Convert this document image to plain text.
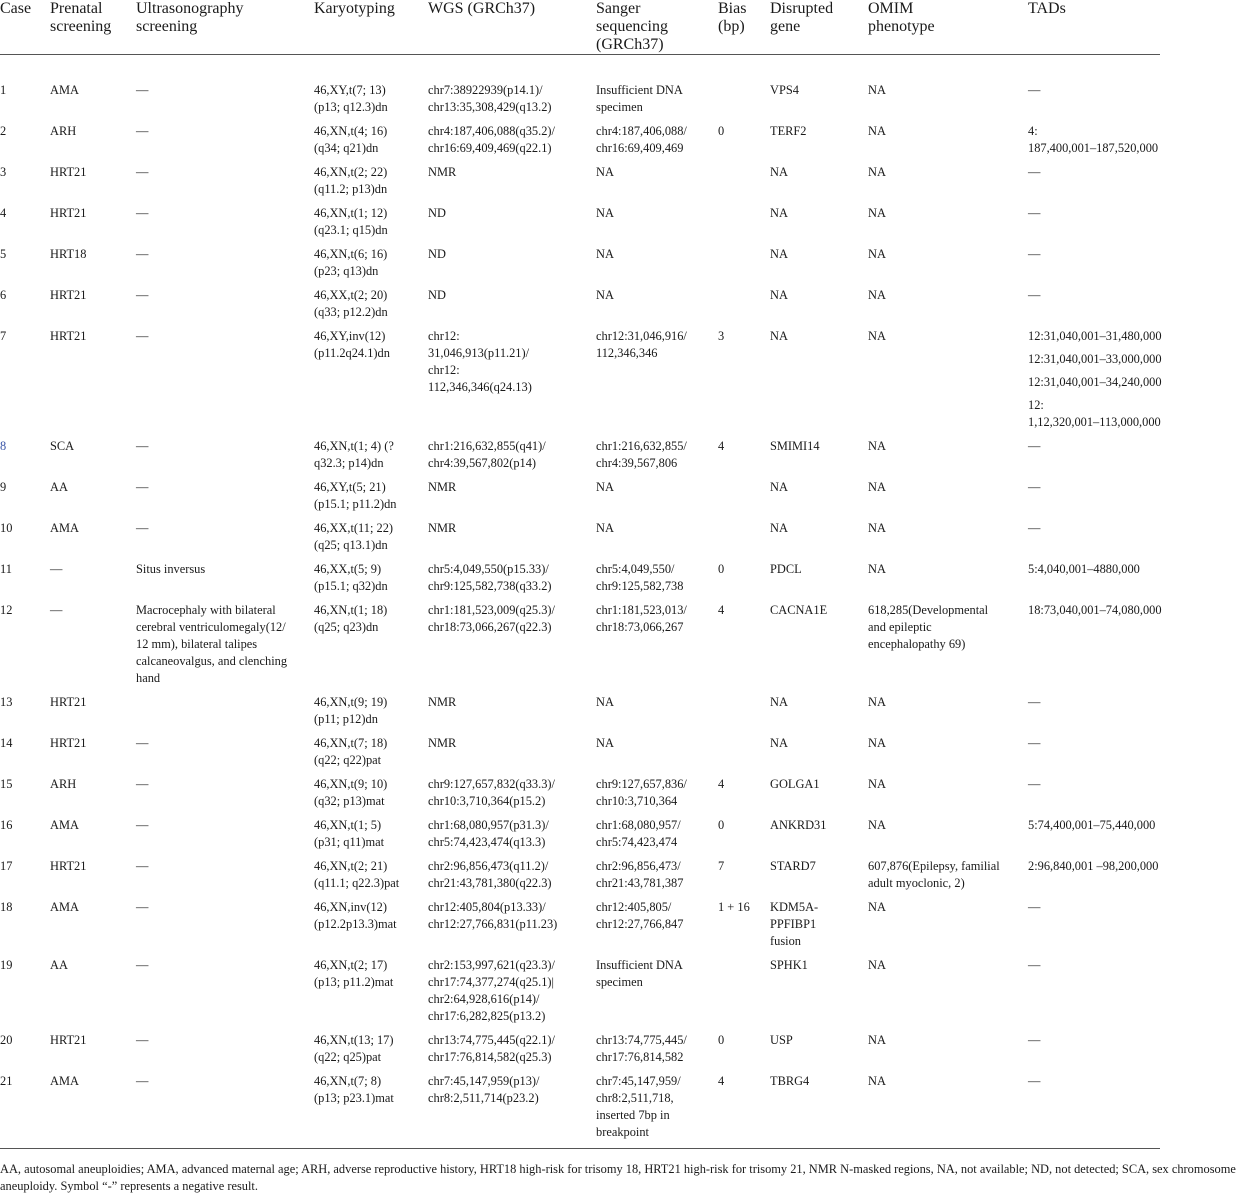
Case	Prenatal
screening	Ultrasonography
screening	Karyotyping	WGS (GRCh37)	Sanger
sequencing
(GRCh37)	Bias
(bp)	Disrupted
gene	OMIM
phenotype	TADs

1	AMA	—	46,XY,t(7; 13)
(p13; q12.3)dn	chr7:38922939(p14.1)/
chr13:35,308,429(q13.2)	Insufficient DNA
specimen		VPS4	NA	—

2	ARH	—	46,XN,t(4; 16)
(q34; q21)dn	chr4:187,406,088(q35.2)/
chr16:69,409,469(q22.1)	chr4:187,406,088/
chr16:69,409,469	0	TERF2	NA	4:
187,400,001–187,520,000

3	HRT21	—	46,XN,t(2; 22)
(q11.2; p13)dn	NMR	NA		NA	NA	—

4	HRT21	—	46,XN,t(1; 12)
(q23.1; q15)dn	ND	NA		NA	NA	—

5	HRT18	—	46,XN,t(6; 16)
(p23; q13)dn	ND	NA		NA	NA	—

6	HRT21	—	46,XX,t(2; 20)
(q33; p12.2)dn	ND	NA		NA	NA	—

7	HRT21	—	46,XY,inv(12)
(p11.2q24.1)dn	chr12:
31,046,913(p11.21)/
chr12:
112,346,346(q24.13)	chr12:31,046,916/
112,346,346	3	NA	NA	12:31,040,001–31,480,000
12:31,040,001–33,000,000
12:31,040,001–34,240,000
12:
1,12,320,001–113,000,000

8	SCA	—	46,XN,t(1; 4) (?
q32.3; p14)dn	chr1:216,632,855(q41)/
chr4:39,567,802(p14)	chr1:216,632,855/
chr4:39,567,806	4	SMIMI14	NA	—

9	AA	—	46,XY,t(5; 21)
(p15.1; p11.2)dn	NMR	NA		NA	NA	—

10	AMA	—	46,XX,t(11; 22)
(q25; q13.1)dn	NMR	NA		NA	NA	—

11	—	Situs inversus	46,XX,t(5; 9)
(p15.1; q32)dn	chr5:4,049,550(p15.33)/
chr9:125,582,738(q33.2)	chr5:4,049,550/
chr9:125,582,738	0	PDCL	NA	5:4,040,001–4880,000

12	—	Macrocephaly with bilateral
cerebral ventriculomegaly(12/
12 mm), bilateral talipes
calcaneovalgus, and clenching
hand	46,XN,t(1; 18)
(q25; q23)dn	chr1:181,523,009(q25.3)/
chr18:73,066,267(q22.3)	chr1:181,523,013/
chr18:73,066,267	4	CACNA1E	618,285(Developmental
and epileptic
encephalopathy 69)	18:73,040,001–74,080,000

13	HRT21		46,XN,t(9; 19)
(p11; p12)dn	NMR	NA		NA	NA	—

14	HRT21	—	46,XN,t(7; 18)
(q22; q22)pat	NMR	NA		NA	NA	—

15	ARH	—	46,XN,t(9; 10)
(q32; p13)mat	chr9:127,657,832(q33.3)/
chr10:3,710,364(p15.2)	chr9:127,657,836/
chr10:3,710,364	4	GOLGA1	NA	—

16	AMA	—	46,XN,t(1; 5)
(p31; q11)mat	chr1:68,080,957(p31.3)/
chr5:74,423,474(q13.3)	chr1:68,080,957/
chr5:74,423,474	0	ANKRD31	NA	5:74,400,001–75,440,000

17	HRT21	—	46,XN,t(2; 21)
(q11.1; q22.3)pat	chr2:96,856,473(q11.2)/
chr21:43,781,380(q22.3)	chr2:96,856,473/
chr21:43,781,387	7	STARD7	607,876(Epilepsy, familial
adult myoclonic, 2)	2:96,840,001 –98,200,000

18	AMA	—	46,XN,inv(12)
(p12.2p13.3)mat	chr12:405,804(p13.33)/
chr12:27,766,831(p11.23)	chr12:405,805/
chr12:27,766,847	1 + 16	KDM5A-
PPFIBP1
fusion	NA	—

19	AA	—	46,XN,t(2; 17)
(p13; p11.2)mat	chr2:153,997,621(q23.3)/
chr17:74,377,274(q25.1)|
chr2:64,928,616(p14)/
chr17:6,282,825(p13.2)	Insufficient DNA
specimen		SPHK1	NA	—

20	HRT21	—	46,XN,t(13; 17)
(q22; q25)pat	chr13:74,775,445(q22.1)/
chr17:76,814,582(q25.3)	chr13:74,775,445/
chr17:76,814,582	0	USP	NA	—

21	AMA	—	46,XN,t(7; 8)
(p13; p23.1)mat	chr7:45,147,959(p13)/
chr8:2,511,714(p23.2)	chr7:45,147,959/
chr8:2,511,718,
inserted 7bp in
breakpoint	4	TBRG4	NA	—
AA, autosomal aneuploidies; AMA, advanced maternal age; ARH, adverse reproductive history, HRT18 high-risk for trisomy 18, HRT21 high-risk for trisomy 21, NMR N-masked regions, NA, not available; ND, not detected; SCA, sex chromosome
aneuploidy. Symbol “-” represents a negative result.
